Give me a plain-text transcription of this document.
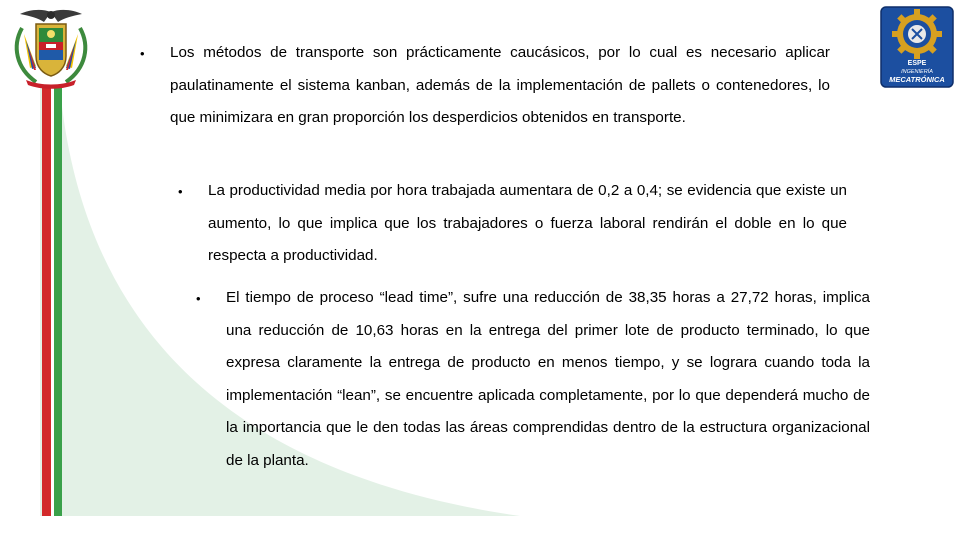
ESPE
INGENIERÍA
MECATRÓNICA
•	Los métodos de transporte son prácticamente caucásicos, por lo cual es necesario aplicar paulatinamente el sistema kanban, además de la implementación de pallets o contenedores, lo que minimizara en gran proporción los desperdicios obtenidos en transporte.

•	La productividad media por hora trabajada aumentara de 0,2 a 0,4; se evidencia que existe un aumento, lo que implica que los trabajadores o fuerza laboral rendirán el doble en lo que respecta a productividad.

•	El tiempo de proceso “lead time”, sufre una reducción de 38,35 horas a 27,72 horas, implica una reducción de 10,63 horas en la entrega del primer lote de producto terminado, lo que expresa claramente la entrega de producto en menos tiempo, y se lograra cuando toda la implementación “lean”, se encuentre aplicada completamente, por lo que dependerá mucho de la importancia que le den todas las áreas comprendidas dentro de la estructura organizacional de la planta.
